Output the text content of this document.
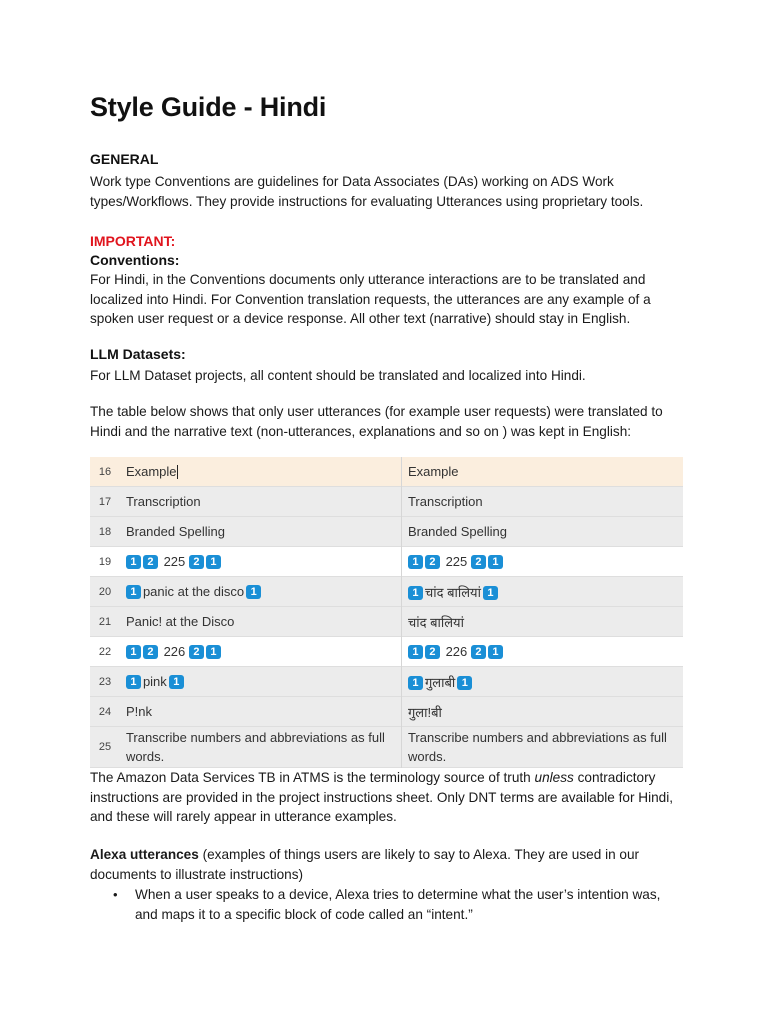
Style Guide - Hindi
GENERAL

Work type Conventions are guidelines for Data Associates (DAs) working on ADS Work types/Workflows. They provide instructions for evaluating Utterances using proprietary tools.

IMPORTANT:
Conventions:

For Hindi, in the Conventions documents only utterance interactions are to be translated and localized into Hindi. For Convention translation requests, the utterances are any example of a spoken user request or a device response. All other text (narrative) should stay in English.

LLM Datasets:

For LLM Dataset projects, all content should be translated and localized into Hindi.

The table below shows that only user utterances (for example user requests) were translated to Hindi and the narrative text (non-utterances, explanations and so on ) was kept in English:

16	Example	Example
17	Transcription	Transcription
18	Branded Spelling	Branded Spelling
19	1 2 225 2 1	1 2 225 2 1
20	1 panic at the disco 1	1 चांद बालियां 1
21	Panic! at the Disco	चांद बालियां
22	1 2 226 2 1	1 2 226 2 1
23	1 pink 1	1 गुलाबी 1
24	P!nk	गुला!बी
25	Transcribe numbers and abbreviations as full words.	Transcribe numbers and abbreviations as full words.

The Amazon Data Services TB in ATMS is the terminology source of truth unless contradictory instructions are provided in the project instructions sheet. Only DNT terms are available for Hindi, and these will rarely appear in utterance examples.

Alexa utterances (examples of things users are likely to say to Alexa. They are used in our documents to illustrate instructions)

• When a user speaks to a device, Alexa tries to determine what the user’s intention was, and maps it to a specific block of code called an “intent.”
